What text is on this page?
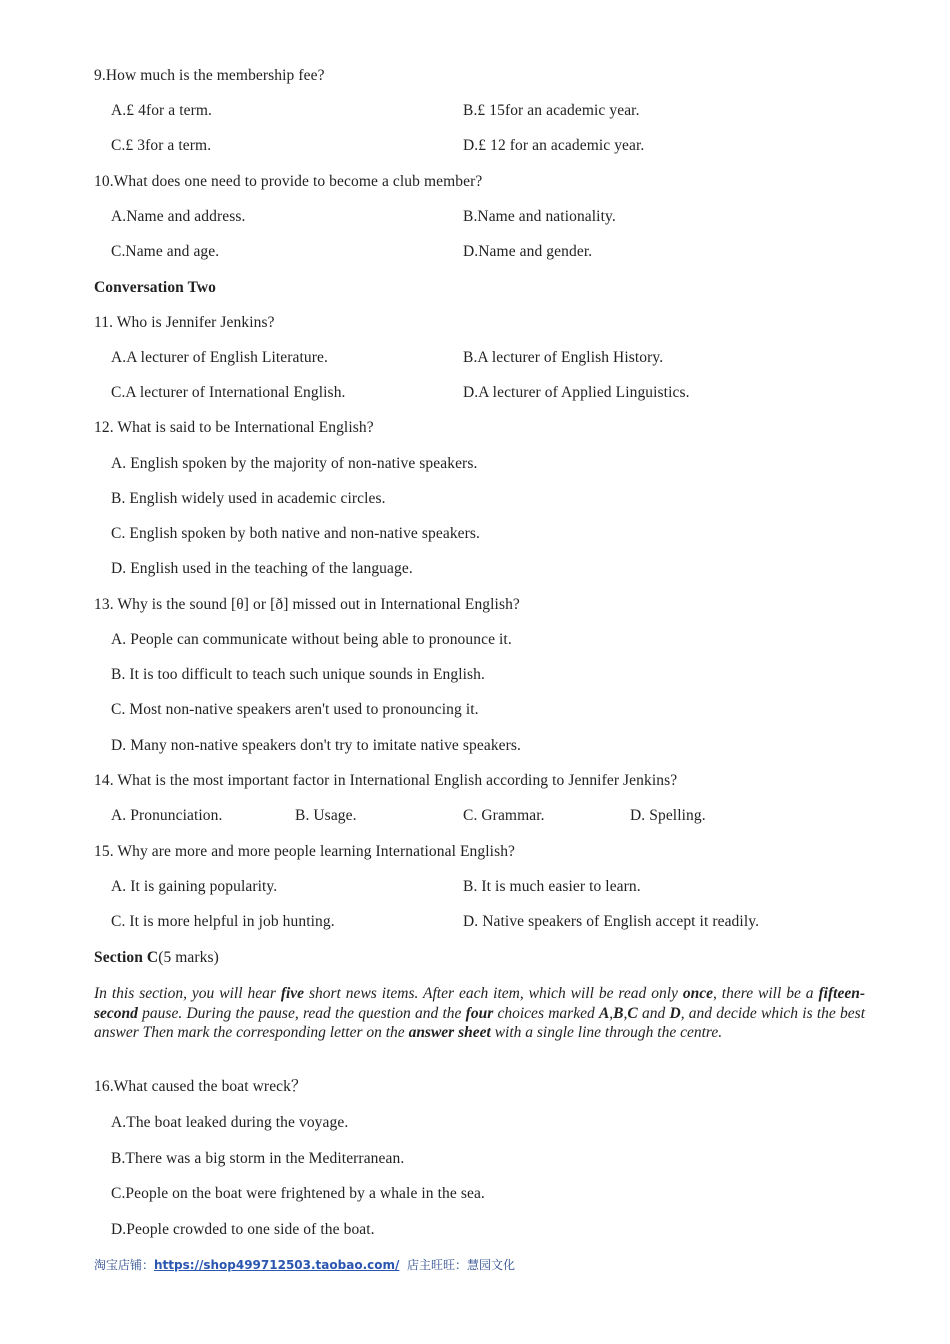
9.How much is the membership fee?
A.£ 4for a term.	B.£ 15for an academic year.
C.£ 3for a term.	D.£ 12 for an academic year.
10.What does one need to provide to become a club member?
A.Name and address.	B.Name and nationality.
C.Name and age.	D.Name and gender.
Conversation Two
11. Who is Jennifer Jenkins?
A.A lecturer of English Literature.	B.A lecturer of English History.
C.A lecturer of International English.	D.A lecturer of Applied Linguistics.
12. What is said to be International English?
A. English spoken by the majority of non-native speakers.
B. English widely used in academic circles.
C. English spoken by both native and non-native speakers.
D. English used in the teaching of the language.
13. Why is the sound [θ] or [ð] missed out in International English?
A. People can communicate without being able to pronounce it.
B. It is too difficult to teach such unique sounds in English.
C. Most non-native speakers aren't used to pronouncing it.
D. Many non-native speakers don't try to imitate native speakers.
14. What is the most important factor in International English according to Jennifer Jenkins?
A. Pronunciation.	B. Usage.	C. Grammar.	D. Spelling.
15. Why are more and more people learning International English?
A. It is gaining popularity.	B. It is much easier to learn.
C. It is more helpful in job hunting.	D. Native speakers of English accept it readily.
Section C(5 marks)
In this section, you will hear five short news items. After each item, which will be read only once, there will be a fifteen-second pause. During the pause, read the question and the four choices marked A,B,C and D, and decide which is the best answer Then mark the corresponding letter on the answer sheet with a single line through the centre.
16.What caused the boat wreck？
A.The boat leaked during the voyage.
B.There was a big storm in the Mediterranean.
C.People on the boat were frightened by a whale in the sea.
D.People crowded to one side of the boat.
淘宝店铺：https://shop499712503.taobao.com/ 店主旺旺：慧园文化
